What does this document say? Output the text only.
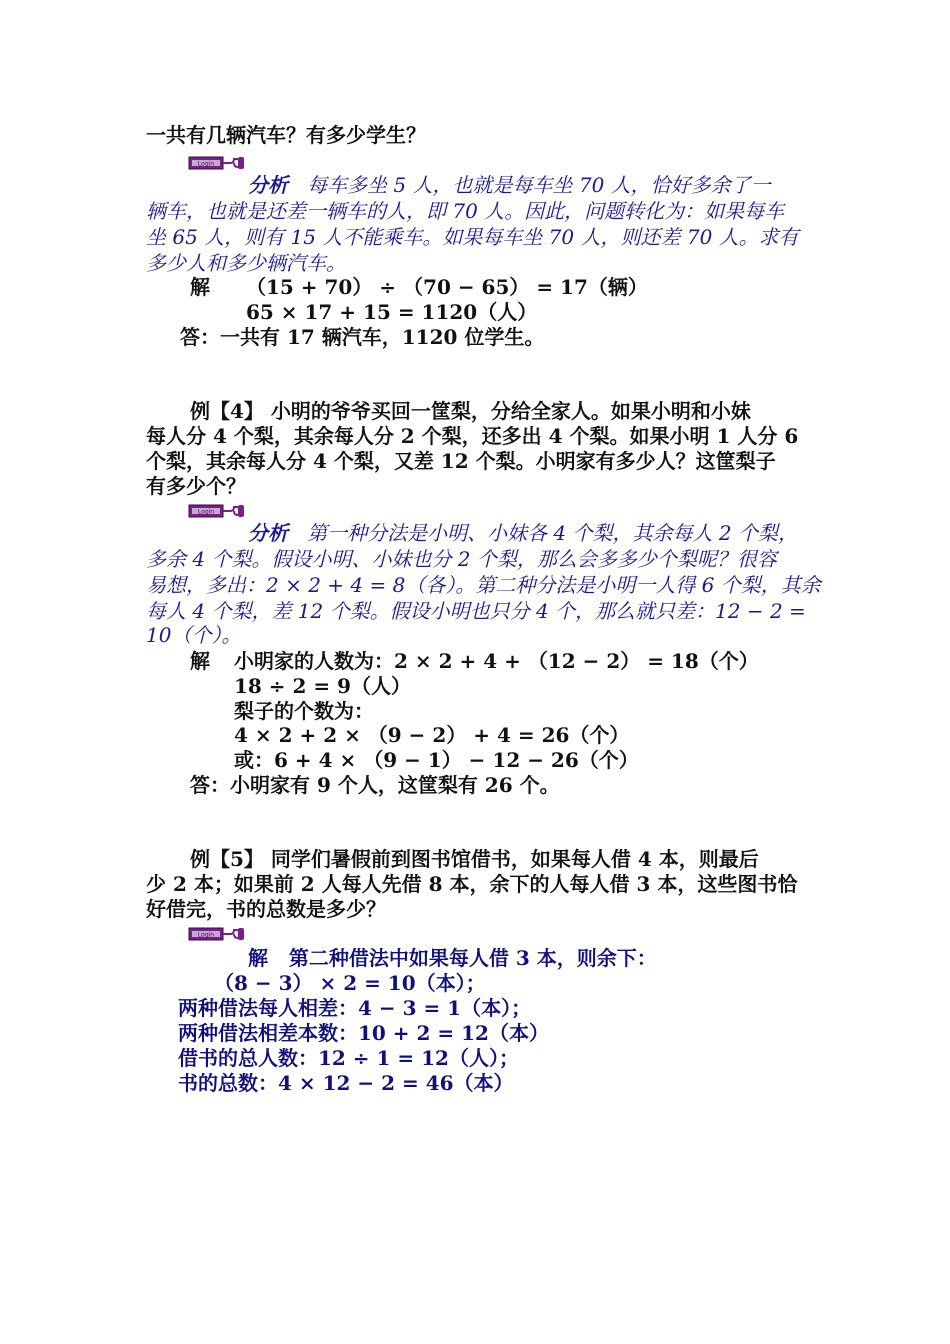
一共有几辆汽车？有多少学生？
Login
分析 每车多坐 5 人，也就是每车坐 70 人，恰好多余了一
辆车，也就是还差一辆车的人，即 70 人。因此，问题转化为：如果每车
坐 65 人，则有 15 人不能乘车。如果每车坐 70 人，则还差 70 人。求有
多少人和多少辆汽车。
解 （15 + 70） ÷ （70 − 65） = 17（辆）
65 × 17 + 15 = 1120（人）
答：一共有 17 辆汽车，1120 位学生。
例【4】 小明的爷爷买回一筐梨，分给全家人。如果小明和小妹
每人分 4 个梨，其余每人分 2 个梨，还多出 4 个梨。如果小明 1 人分 6
个梨，其余每人分 4 个梨，又差 12 个梨。小明家有多少人？这筐梨子
有多少个？
Login
分析 第一种分法是小明、小妹各 4 个梨，其余每人 2 个梨，
多余 4 个梨。假设小明、小妹也分 2 个梨，那么会多多少个梨呢？很容
易想，多出：2 × 2 + 4 = 8（各）。第二种分法是小明一人得 6 个梨，其余
每人 4 个梨，差 12 个梨。假设小明也只分 4 个，那么就只差：12 − 2 =
10（个）。
解 小明家的人数为：2 × 2 + 4 + （12 − 2） = 18（个）
18 ÷ 2 = 9（人）
梨子的个数为：
4 × 2 + 2 × （9 − 2） + 4 = 26（个）
或：6 + 4 × （9 − 1） − 12 − 26（个）
答：小明家有 9 个人，这筐梨有 26 个。
例【5】 同学们暑假前到图书馆借书，如果每人借 4 本，则最后
少 2 本；如果前 2 人每人先借 8 本，余下的人每人借 3 本，这些图书恰
好借完，书的总数是多少？
Login
解 第二种借法中如果每人借 3 本，则余下：
（8 − 3） × 2 = 10（本）；
两种借法每人相差：4 − 3 = 1（本）；
两种借法相差本数：10 + 2 = 12（本）
借书的总人数：12 ÷ 1 = 12（人）；
书的总数：4 × 12 − 2 = 46（本）
